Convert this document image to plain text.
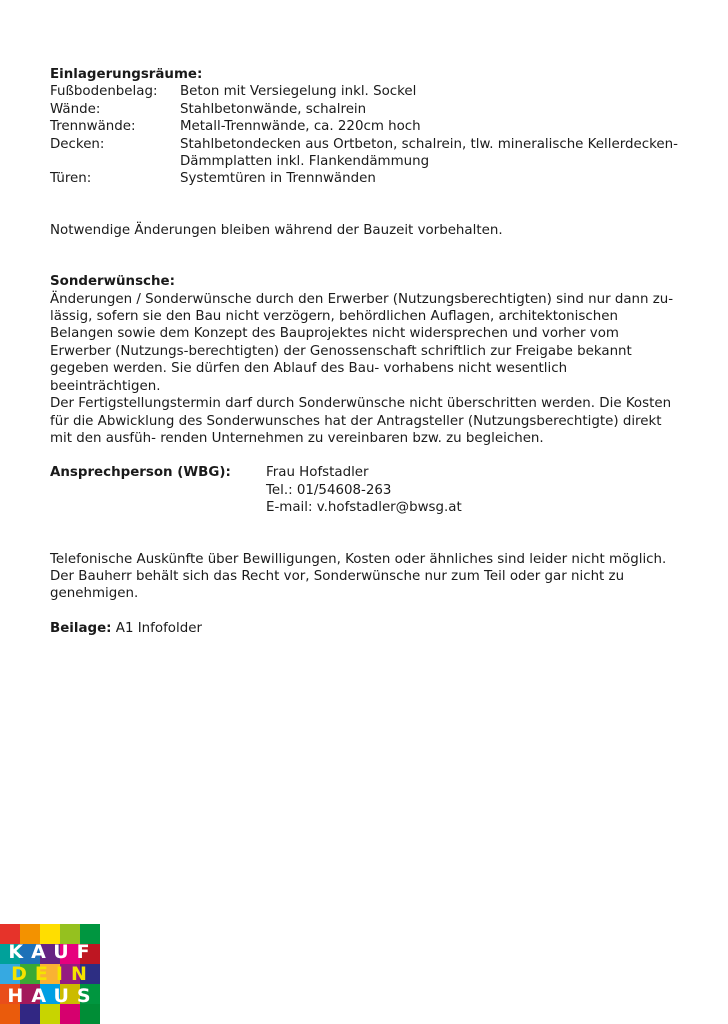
Einlagerungsräume:
Fußbodenbelag:	Beton mit Versiegelung inkl. Sockel
Wände:	Stahlbetonwände, schalrein
Trennwände:	Metall-Trennwände, ca. 220cm hoch
Decken:	Stahlbetondecken aus Ortbeton, schalrein, tlw. mineralische Kellerdecken-Dämmplatten inkl. Flankendämmung
Türen:	Systemtüren in Trennwänden

Notwendige Änderungen bleiben während der Bauzeit vorbehalten.

Sonderwünsche:

Änderungen / Sonderwünsche durch den Erwerber (Nutzungsberechtigten) sind nur dann zu-lässig, sofern sie den Bau nicht verzögern, behördlichen Auflagen, architektonischen Belangen sowie dem Konzept des Bauprojektes nicht widersprechen und vorher vom Erwerber (Nutzungs-berechtigten) der Genossenschaft schriftlich zur Freigabe bekannt gegeben werden. Sie dürfen den Ablauf des Bau- vorhabens nicht wesentlich beeinträchtigen.

Der Fertigstellungstermin darf durch Sonderwünsche nicht überschritten werden. Die Kosten für die Abwicklung des Sonderwunsches hat der Antragsteller (Nutzungsberechtigte) direkt mit den ausfüh- renden Unternehmen zu vereinbaren bzw. zu begleichen.

Ansprechperson (WBG):	Frau Hofstadler
Tel.: 01/54608-263
E-mail: v.hofstadler@bwsg.at

Telefonische Auskünfte über Bewilligungen, Kosten oder ähnliches sind leider nicht möglich.

Der Bauherr behält sich das Recht vor, Sonderwünsche nur zum Teil oder gar nicht zu genehmigen.

Beilage: A1 Infofolder

KAUF
DEIN
HAUS
